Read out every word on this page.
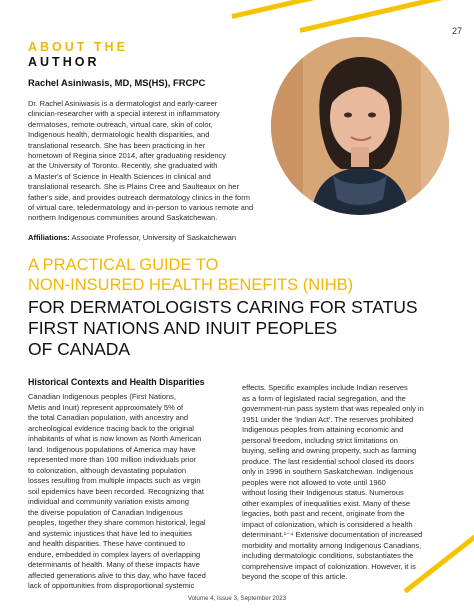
27
ABOUT THE
AUTHOR
Rachel Asiniwasis, MD, MS(HS), FRCPC

Dr. Rachel Asiniwasis is a dermatologist and early-career

clinician-researcher with a special interest in inflammatory

dermatoses, remote outreach, virtual care, skin of color,

Indigenous health, dermatologic health disparities, and

translational research. She has been practicing in her

hometown of Regina since 2014, after graduating residency

at the University of Toronto. Recently, she graduated with

a Master's of Science in Health Sciences in clinical and

translational research. She is Plains Cree and Saulteaux on her

father's side, and provides outreach dermatology clinics in the form

of virtual care, teledermatology and in-person to various remote and

northern Indigenous communities around Saskatchewan.

Affiliations: Associate Professor, University of Saskatchewan
A PRACTICAL GUIDE TO
NON-INSURED HEALTH BENEFITS (NIHB)
FOR DERMATOLOGISTS CARING FOR STATUS
FIRST NATIONS AND INUIT PEOPLES
OF CANADA
Historical Contexts and Health Disparities

Canadian Indigenous peoples (First Nations,

Metis and Inuit) represent approximately 5% of

the total Canadian population, with ancestry and

archeological evidence tracing back to the original

inhabitants of what is now known as North American

land. Indigenous populations of America may have

represented more than 100 million individuals prior

to colonization, although devastating population

losses resulting from multiple impacts such as virgin

soil epidemics have been recorded. Recognizing that

individual and community variation exists among

the diverse population of Canadian Indigenous

peoples, together they share common historical, legal

and systemic injustices that have led to inequities

and health disparities. These have continued to

endure, embedded in complex layers of overlapping

determinants of health. Many of these impacts have

affected generations alive to this day, who have faced

lack of opportunities from disproportional systemic

effects. Specific examples include Indian reserves

as a form of legislated racial segregation, and the

government-run pass system that was repealed only in

1951 under the 'Indian Act'. The reserves prohibited

Indigenous peoples from attaining economic and

personal freedom, including strict limitations on

buying, selling and owning property, such as farming

produce. The last residential school closed its doors

only in 1996 in southern Saskatchewan. Indigenous

peoples were not allowed to vote until 1960

without losing their Indigenous status. Numerous

other examples of inequalities exist. Many of these

legacies, both past and recent, originate from the

impact of colonization, which is considered a health

determinant.¹⁻⁴ Extensive documentation of increased

morbidity and mortality among Indigenous Canadians,

including dermatologic conditions, substantiates the

comprehensive impact of colonization. However, it is

beyond the scope of this article.

Volume 4, Issue 3, September 2023
